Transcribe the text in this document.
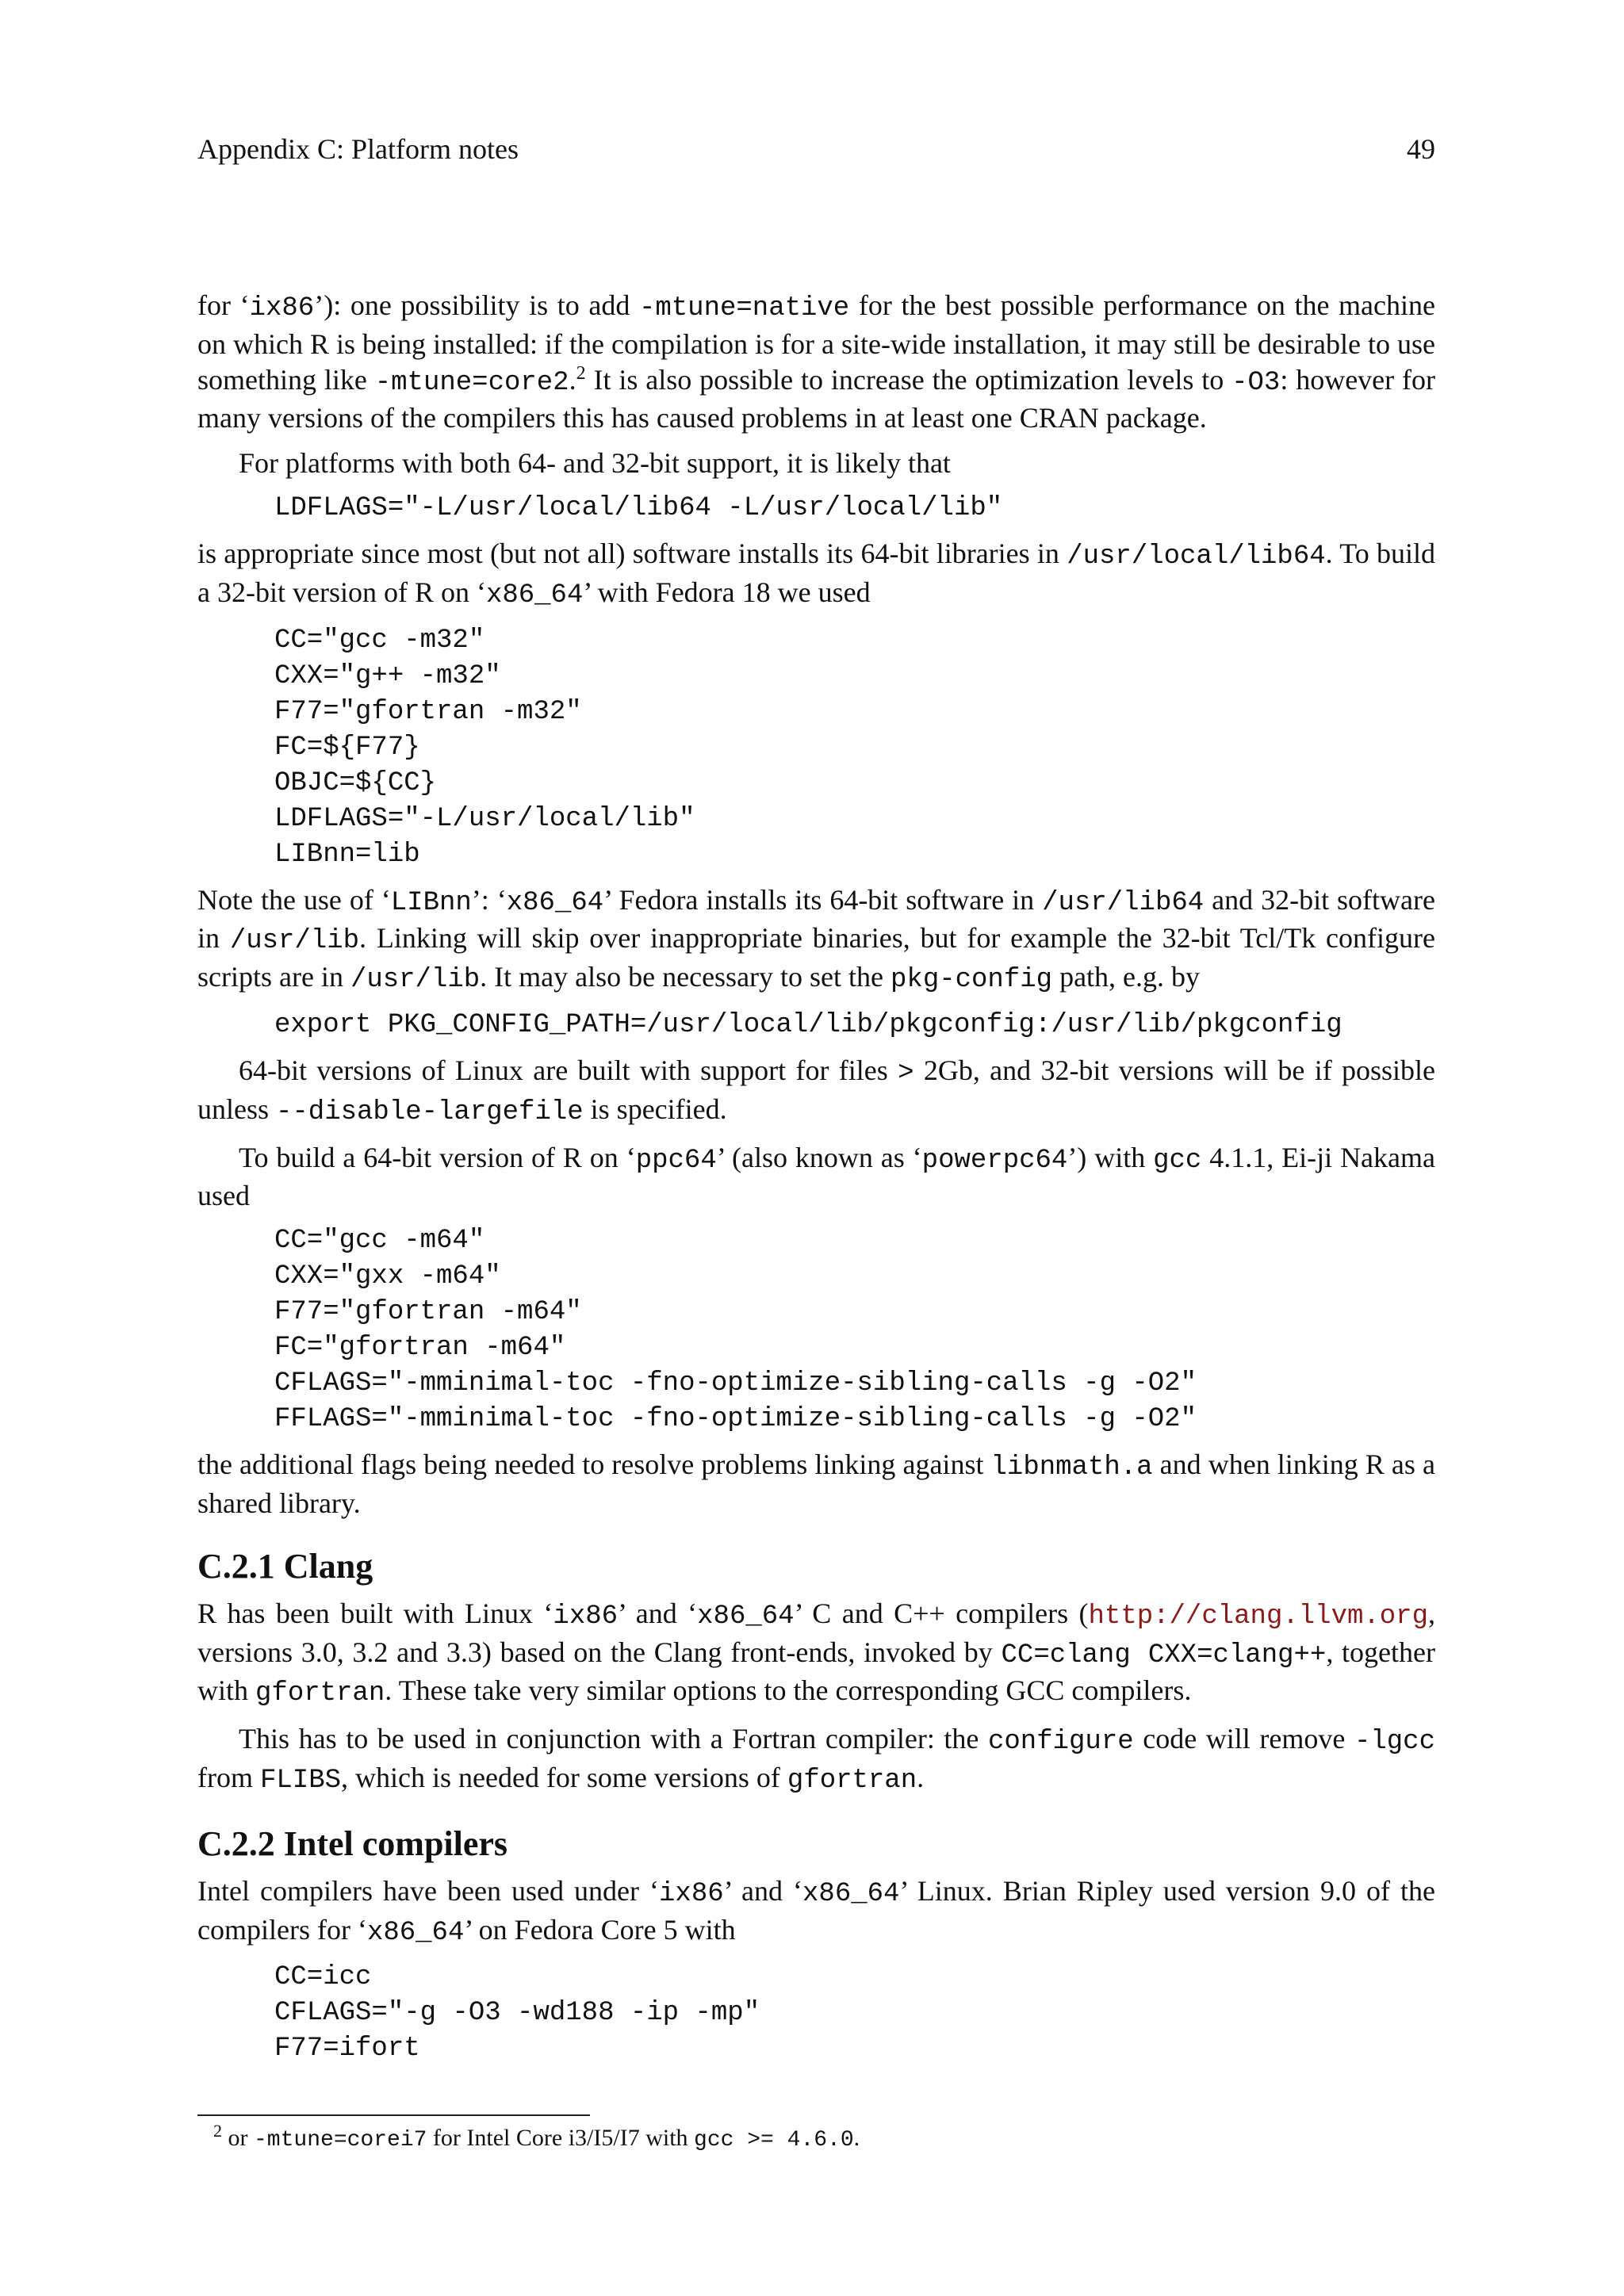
Appendix C: Platform notes	49

for ‘ix86’): one possibility is to add -mtune=native for the best possible performance on the machine on which R is being installed: if the compilation is for a site-wide installation, it may still be desirable to use something like -mtune=core2.$^2$ It is also possible to increase the optimization levels to -O3: however for many versions of the compilers this has caused problems in at least one CRAN package.

For platforms with both 64- and 32-bit support, it is likely that

LDFLAGS="-L/usr/local/lib64 -L/usr/local/lib"

is appropriate since most (but not all) software installs its 64-bit libraries in /usr/local/lib64. To build a 32-bit version of R on ‘x86_64’ with Fedora 18 we used

CC="gcc -m32"
CXX="g++ -m32"
F77="gfortran -m32"
FC=${F77}
OBJC=${CC}
LDFLAGS="-L/usr/local/lib"
LIBnn=lib

Note the use of ‘LIBnn’: ‘x86_64’ Fedora installs its 64-bit software in /usr/lib64 and 32-bit software in /usr/lib. Linking will skip over inappropriate binaries, but for example the 32-bit Tcl/Tk configure scripts are in /usr/lib. It may also be necessary to set the pkg-config path, e.g. by

export PKG_CONFIG_PATH=/usr/local/lib/pkgconfig:/usr/lib/pkgconfig

64-bit versions of Linux are built with support for files > 2Gb, and 32-bit versions will be if possible unless --disable-largefile is specified.

To build a 64-bit version of R on ‘ppc64’ (also known as ‘powerpc64’) with gcc 4.1.1, Ei-ji Nakama used

CC="gcc -m64"
CXX="gxx -m64"
F77="gfortran -m64"
FC="gfortran -m64"
CFLAGS="-mminimal-toc -fno-optimize-sibling-calls -g -O2"
FFLAGS="-mminimal-toc -fno-optimize-sibling-calls -g -O2"

the additional flags being needed to resolve problems linking against libnmath.a and when linking R as a shared library.

C.2.1 Clang

R has been built with Linux ‘ix86’ and ‘x86_64’ C and C++ compilers (http://clang.llvm.org, versions 3.0, 3.2 and 3.3) based on the Clang front-ends, invoked by CC=clang CXX=clang++, together with gfortran. These take very similar options to the corresponding GCC compilers.

This has to be used in conjunction with a Fortran compiler: the configure code will remove -lgcc from FLIBS, which is needed for some versions of gfortran.

C.2.2 Intel compilers

Intel compilers have been used under ‘ix86’ and ‘x86_64’ Linux. Brian Ripley used version 9.0 of the compilers for ‘x86_64’ on Fedora Core 5 with

CC=icc
CFLAGS="-g -O3 -wd188 -ip -mp"
F77=ifort
$^2$ or -mtune=corei7 for Intel Core i3/I5/I7 with gcc >= 4.6.0.
